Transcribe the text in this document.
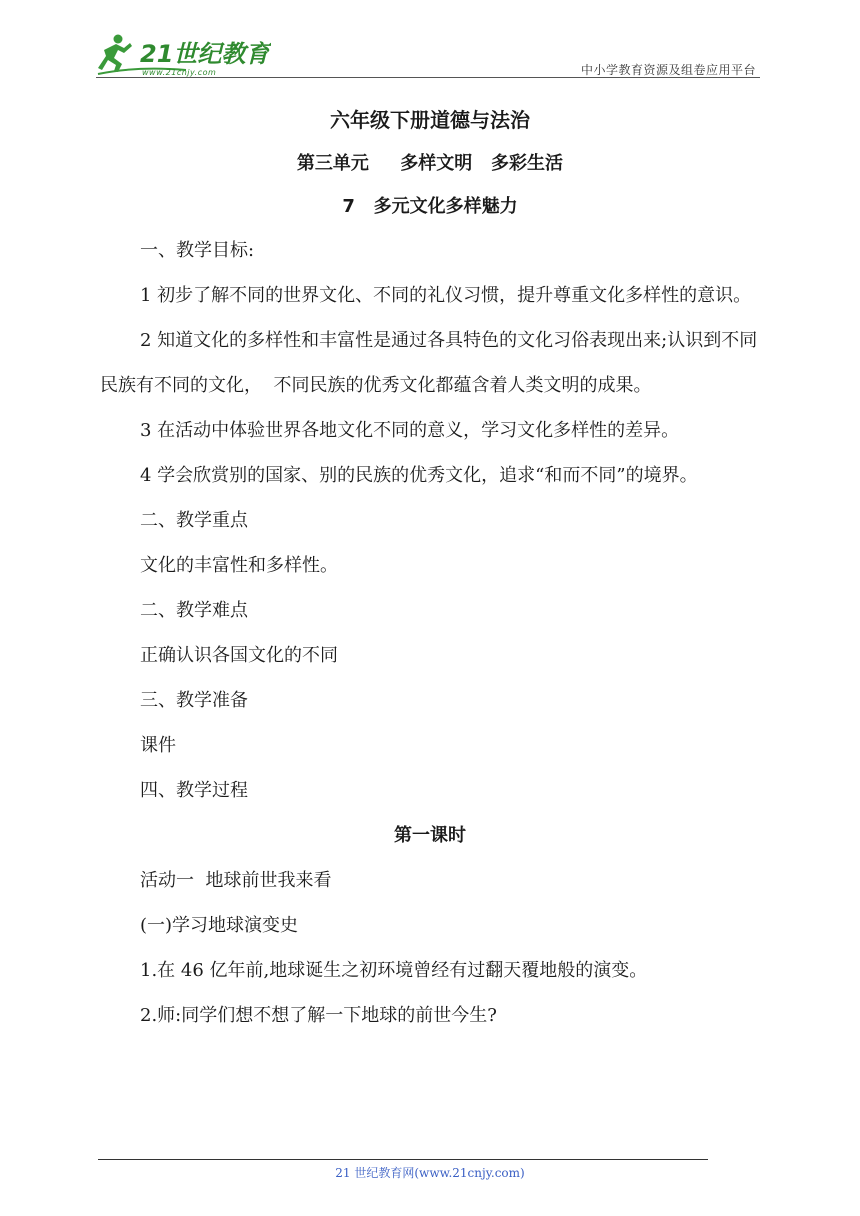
21世纪教育
www.21cnjy.com	中小学教育资源及组卷应用平台
六年级下册道德与法治
第三单元     多样文明   多彩生活
7   多元文化多样魅力
一、教学目标:
1 初步了解不同的世界文化、不同的礼仪习惯，提升尊重文化多样性的意识。
2 知道文化的多样性和丰富性是通过各具特色的文化习俗表现出来;认识到不同民族有不同的文化，  不同民族的优秀文化都蕴含着人类文明的成果。
3 在活动中体验世界各地文化不同的意义，学习文化多样性的差异。
4 学会欣赏别的国家、别的民族的优秀文化，追求“和而不同”的境界。
二、教学重点
文化的丰富性和多样性。
二、教学难点
正确认识各国文化的不同
三、教学准备
课件
四、教学过程
第一课时
活动一  地球前世我来看
(一)学习地球演变史
1.在 46 亿年前,地球诞生之初环境曾经有过翻天覆地般的演变。
2.师:同学们想不想了解一下地球的前世今生?
21 世纪教育网(www.21cnjy.com)
